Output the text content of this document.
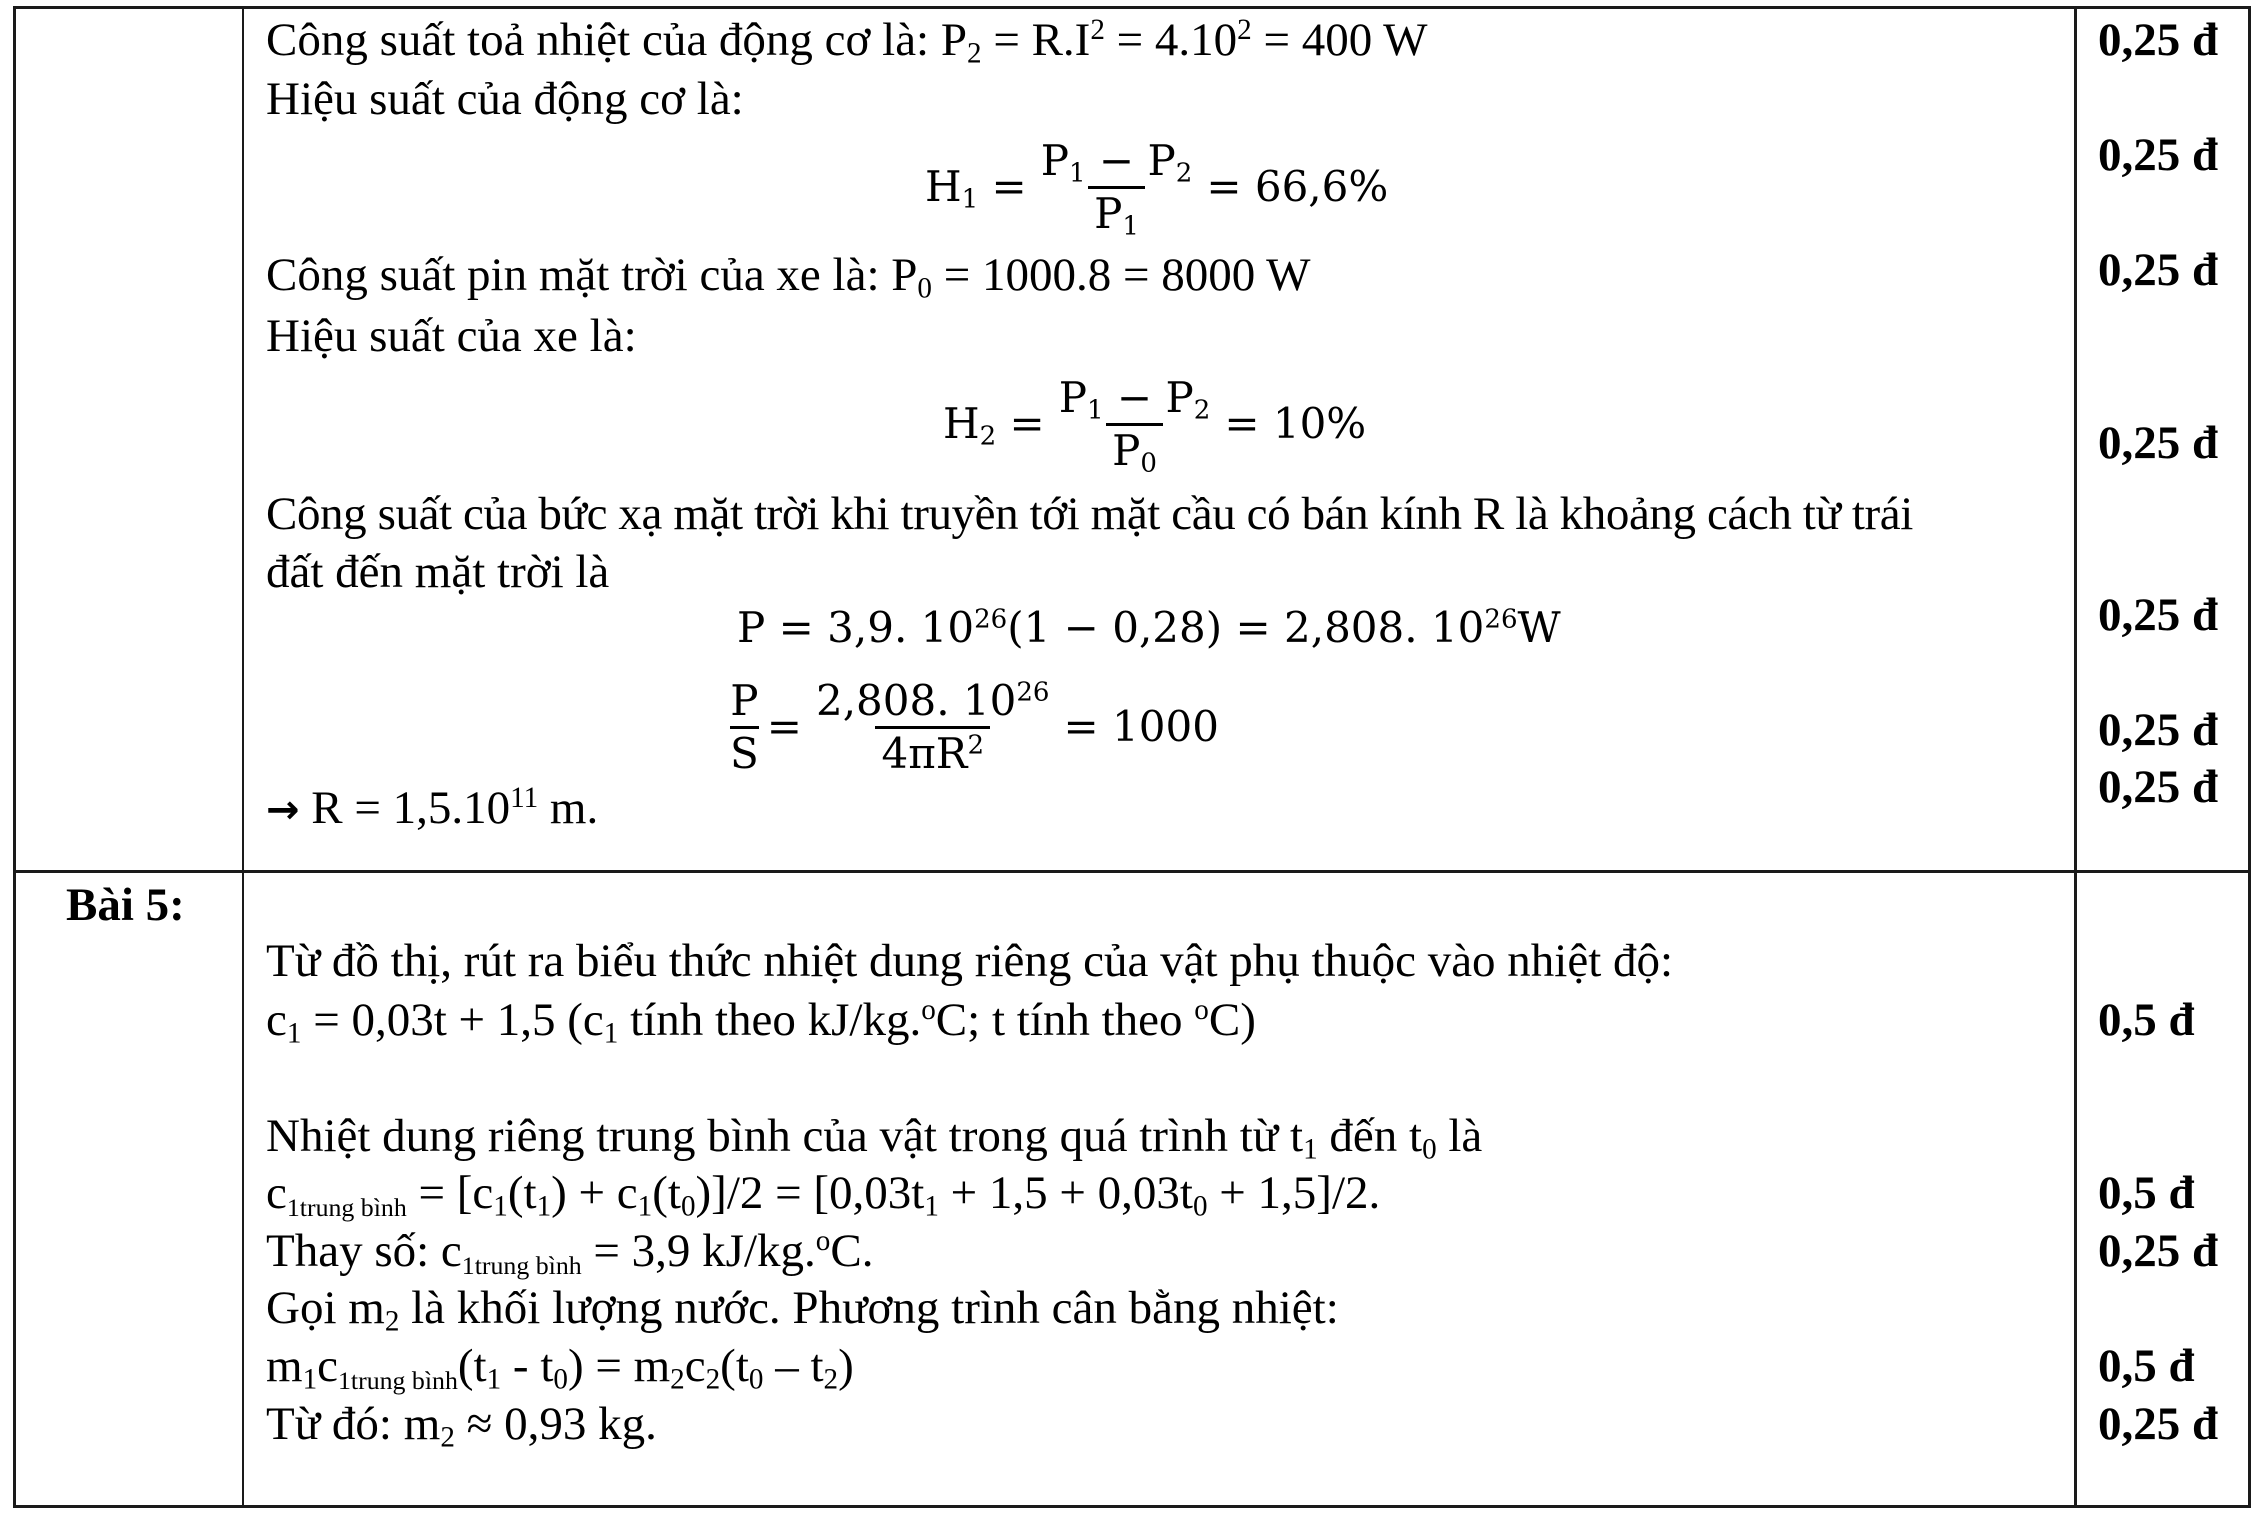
Công suất toả nhiệt của động cơ là: $P_2 = R.I^2 = 4.10^2 = 400$ W
Hiệu suất của động cơ là:
$H_1 = \frac{P_1 - P_2}{P_1} = 66,6\%$
Công suất pin mặt trời của xe là: $P_0 = 1000.8 = 8000$ W
Hiệu suất của xe là:
$H_2 = \frac{P_1 - P_2}{P_0} = 10\%$
Công suất của bức xạ mặt trời khi truyền tới mặt cầu có bán kính R là khoảng cách từ trái
đất đến mặt trời là
P = 3,9. $10^{26}(1 - 0,28) = 2,808$. $10^{26}W$
$\frac{P}{S} = \frac{2,808. 10^{26}}{4\pi R^2} = 1000$
→ $R = 1,5.10^{11}$ m.
0,25 đ
0,25 đ
0,25 đ
0,25 đ
0,25 đ
0,25 đ
0,25 đ
Bài 5:
Từ đồ thị, rút ra biểu thức nhiệt dung riêng của vật phụ thuộc vào nhiệt độ:
$c_1 = 0,03t + 1,5$ ($c_1$ tính theo kJ/kg.$^o$C; t tính theo $^o$C)
Nhiệt dung riêng trung bình của vật trong quá trình từ $t_1$ đến $t_0$ là
$c_{1trung bình} = [c_1(t_1) + c_1(t_0)]/2 = [0,03t_1 + 1,5 + 0,03t_0 + 1,5]/2$.
Thay số: $c_{1trung bình} = 3,9$ kJ/kg.$^o$C.
Gọi $m_2$ là khối lượng nước. Phương trình cân bằng nhiệt:
$m_1c_{1trung bình}(t_1 - t_0) = m_2c_2(t_0 - t_2)$
Từ đó: $m_2 \approx 0,93$ kg.
0,5 đ
0,5 đ
0,25 đ
0,5 đ
0,25 đ
